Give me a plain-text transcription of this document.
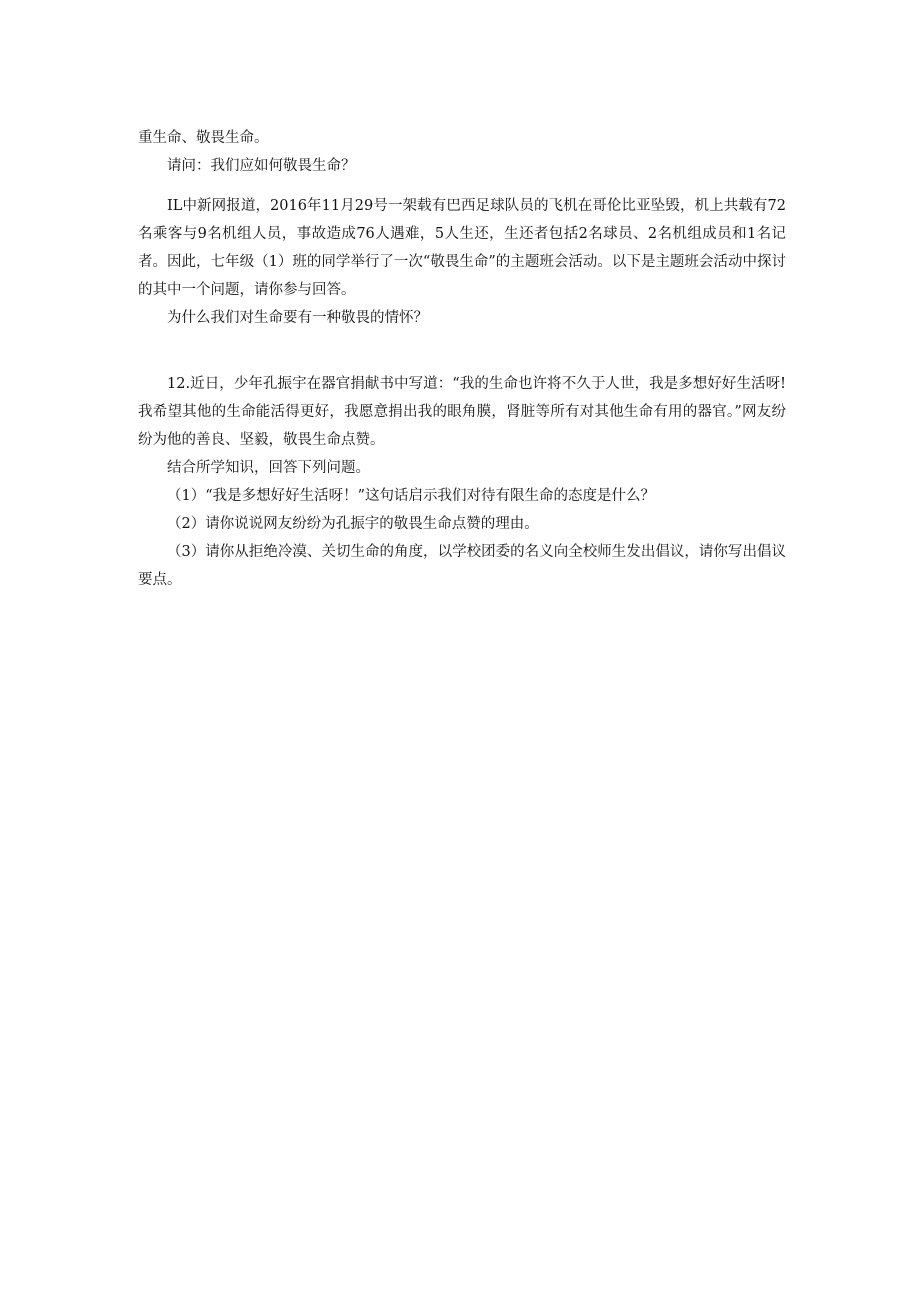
重生命、敬畏生命。

请问：我们应如何敬畏生命？

IL中新网报道，2016年11月29号一架载有巴西足球队员的飞机在哥伦比亚坠毁，机上共载有72名乘客与9名机组人员，事故造成76人遇难，5人生还，生还者包括2名球员、2名机组成员和1名记者。因此，七年级（1）班的同学举行了一次“敬畏生命”的主题班会活动。以下是主题班会活动中探讨的其中一个问题，请你参与回答。

为什么我们对生命要有一种敬畏的情怀？

12.近日，少年孔振宇在器官捐献书中写道：“我的生命也许将不久于人世，我是多想好好生活呀!我希望其他的生命能活得更好，我愿意捐出我的眼角膜，肾脏等所有对其他生命有用的器官。”网友纷纷为他的善良、坚毅，敬畏生命点赞。

结合所学知识，回答下列问题。

（1）“我是多想好好生活呀！”这句话启示我们对待有限生命的态度是什么？

（2）请你说说网友纷纷为孔振宇的敬畏生命点赞的理由。

（3）请你从拒绝冷漠、关切生命的角度，以学校团委的名义向全校师生发出倡议，请你写出倡议要点。
